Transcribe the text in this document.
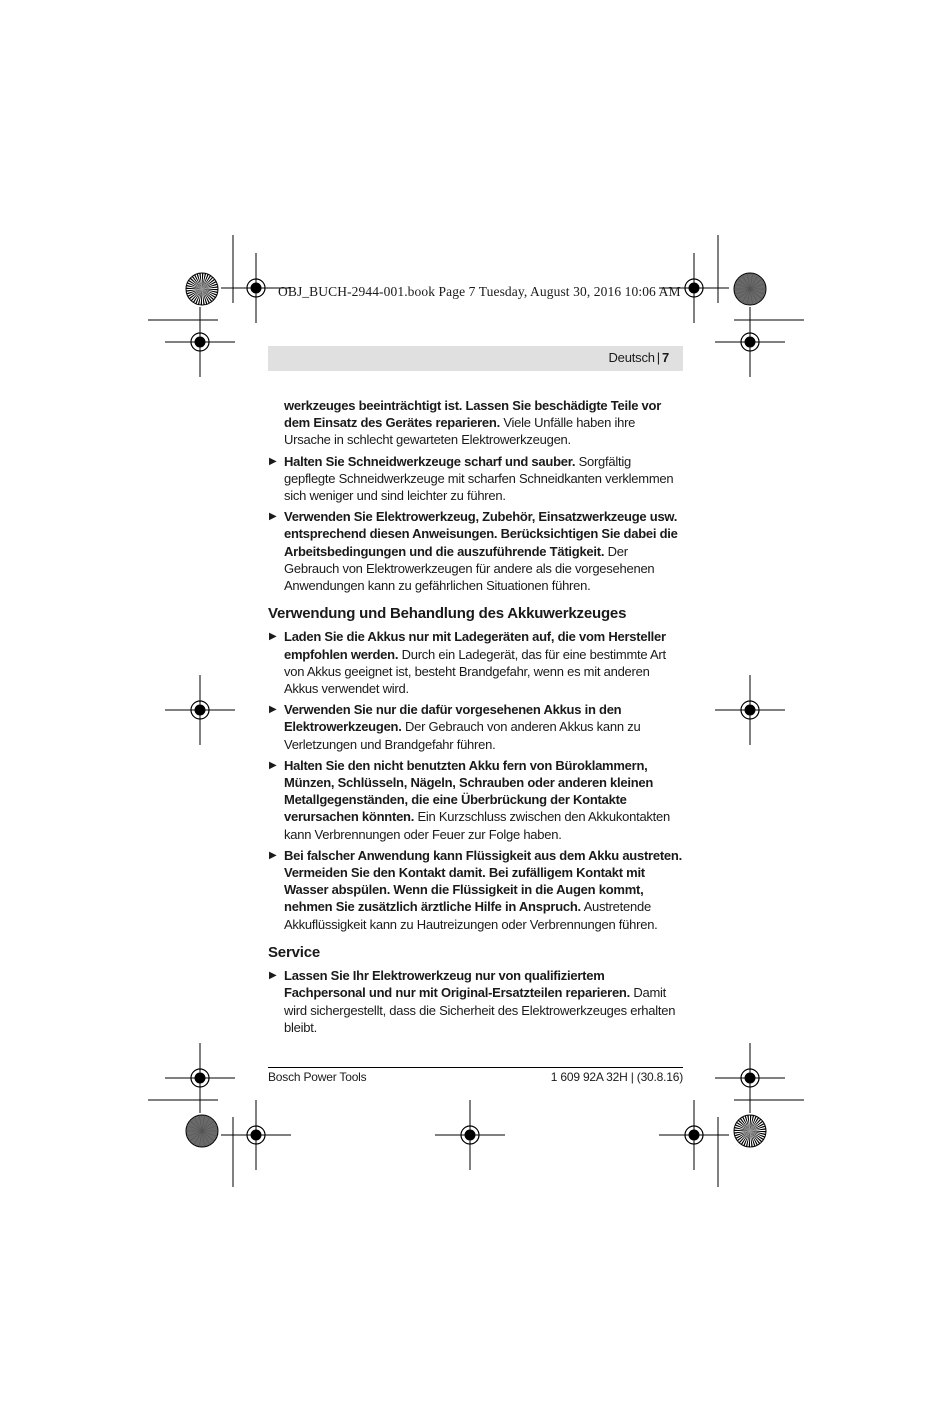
OBJ_BUCH-2944-001.book Page 7 Tuesday, August 30, 2016 10:06 AM
Deutsch | 7

werkzeuges beeinträchtigt ist. Lassen Sie beschädigte Teile vor dem Einsatz des Gerätes reparieren. Viele Unfälle haben ihre Ursache in schlecht gewarteten Elektrowerkzeugen.

▶ Halten Sie Schneidwerkzeuge scharf und sauber. Sorgfältig gepflegte Schneidwerkzeuge mit scharfen Schneidkanten verklemmen sich weniger und sind leichter zu führen.

▶ Verwenden Sie Elektrowerkzeug, Zubehör, Einsatzwerkzeuge usw. entsprechend diesen Anweisungen. Berücksichtigen Sie dabei die Arbeitsbedingungen und die auszuführende Tätigkeit. Der Gebrauch von Elektrowerkzeugen für andere als die vorgesehenen Anwendungen kann zu gefährlichen Situationen führen.

Verwendung und Behandlung des Akkuwerkzeuges

▶ Laden Sie die Akkus nur mit Ladegeräten auf, die vom Hersteller empfohlen werden. Durch ein Ladegerät, das für eine bestimmte Art von Akkus geeignet ist, besteht Brandgefahr, wenn es mit anderen Akkus verwendet wird.

▶ Verwenden Sie nur die dafür vorgesehenen Akkus in den Elektrowerkzeugen. Der Gebrauch von anderen Akkus kann zu Verletzungen und Brandgefahr führen.

▶ Halten Sie den nicht benutzten Akku fern von Büroklammern, Münzen, Schlüsseln, Nägeln, Schrauben oder anderen kleinen Metallgegenständen, die eine Überbrückung der Kontakte verursachen könnten. Ein Kurzschluss zwischen den Akkukontakten kann Verbrennungen oder Feuer zur Folge haben.

▶ Bei falscher Anwendung kann Flüssigkeit aus dem Akku austreten. Vermeiden Sie den Kontakt damit. Bei zufälligem Kontakt mit Wasser abspülen. Wenn die Flüssigkeit in die Augen kommt, nehmen Sie zusätzlich ärztliche Hilfe in Anspruch. Austretende Akkuflüssigkeit kann zu Hautreizungen oder Verbrennungen führen.

Service

▶ Lassen Sie Ihr Elektrowerkzeug nur von qualifiziertem Fachpersonal und nur mit Original-Ersatzteilen reparieren. Damit wird sichergestellt, dass die Sicherheit des Elektrowerkzeuges erhalten bleibt.

Bosch Power Tools	1 609 92A 32H | (30.8.16)
